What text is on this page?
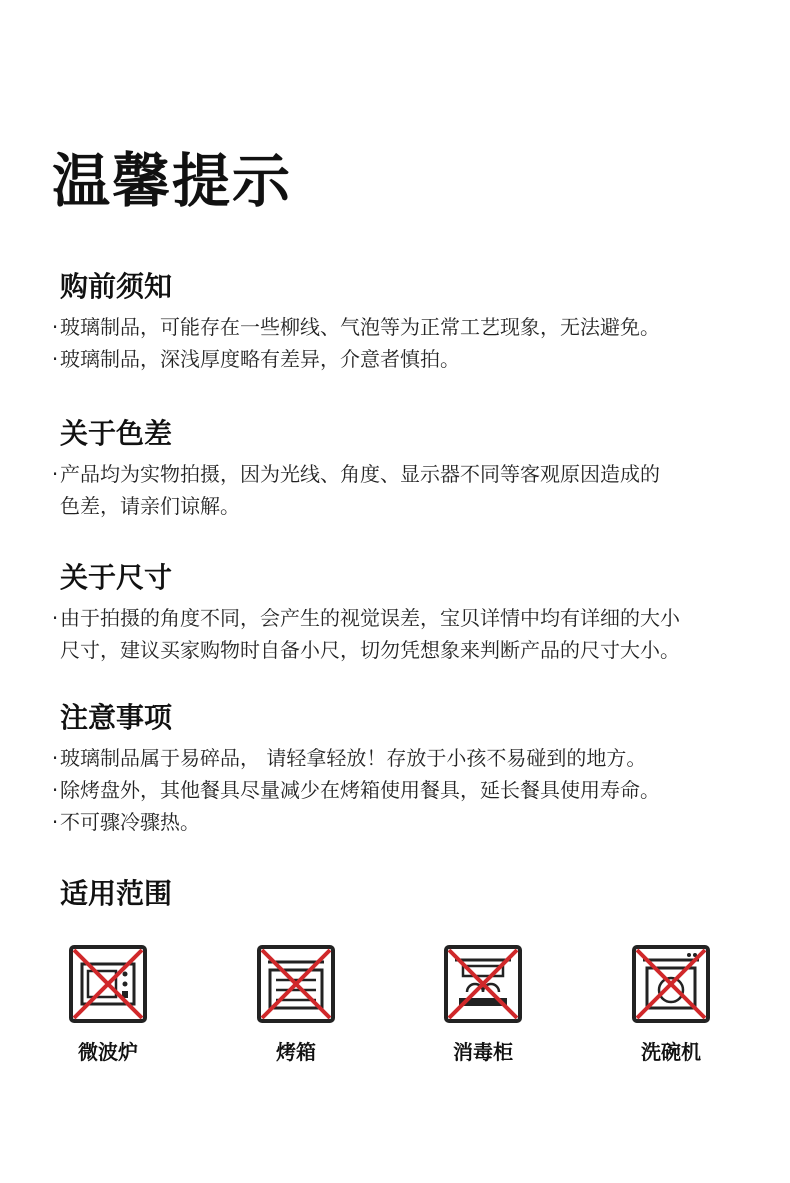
温馨提示
购前须知
·玻璃制品，可能存在一些柳线、气泡等为正常工艺现象，无法避免。
·玻璃制品，深浅厚度略有差异，介意者慎拍。
关于色差
·产品均为实物拍摄，因为光线、角度、显示器不同等客观原因造成的
色差，请亲们谅解。
关于尺寸
·由于拍摄的角度不同，会产生的视觉误差，宝贝详情中均有详细的大小
尺寸，建议买家购物时自备小尺，切勿凭想象来判断产品的尺寸大小。
注意事项
·玻璃制品属于易碎品， 请轻拿轻放！存放于小孩不易碰到的地方。
·除烤盘外，其他餐具尽量减少在烤箱使用餐具，延长餐具使用寿命。
·不可骤冷骤热。
适用范围
微波炉	烤箱	消毒柜	洗碗机
